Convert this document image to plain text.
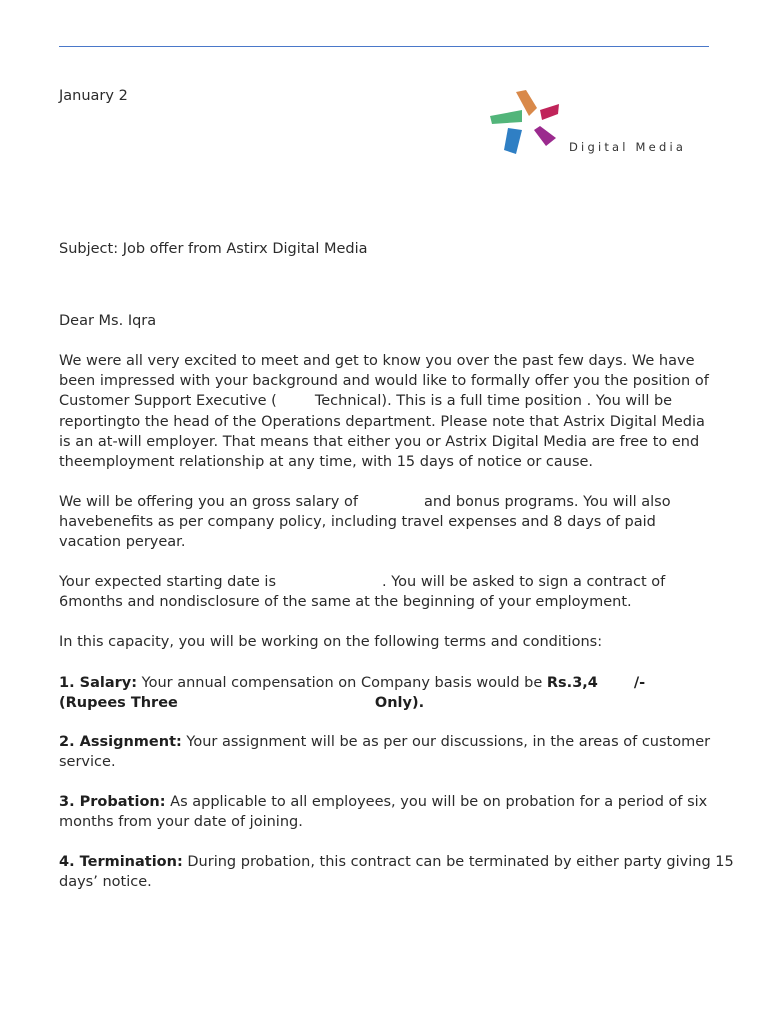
January 2
Digital Media

Subject: Job offer from Astirx Digital Media

Dear Ms. Iqra

We were all very excited to meet and get to know you over the past few days. We have
been impressed with your background and would like to formally offer you the position of
Customer Support Executive (	Technical). This is a full time position . You will be
reportingto the head of the Operations department. Please note that Astrix Digital Media
is an at-will employer. That means that either you or Astrix Digital Media are free to end
theemployment relationship at any time, with 15 days of notice or cause.

We will be offering you an gross salary of	and bonus programs. You will also
havebenefits as per company policy, including travel expenses and 8 days of paid
vacation peryear.

Your expected starting date is	. You will be asked to sign a contract of
6months and nondisclosure of the same at the beginning of your employment.

In this capacity, you will be working on the following terms and conditions:

1. Salary: Your annual compensation on Company basis would be Rs.3,4 /-
(Rupees Three	Only).

2. Assignment: Your assignment will be as per our discussions, in the areas of customer
service.

3. Probation: As applicable to all employees, you will be on probation for a period of six
months from your date of joining.

4. Termination: During probation, this contract can be terminated by either party giving 15
days’ notice.
